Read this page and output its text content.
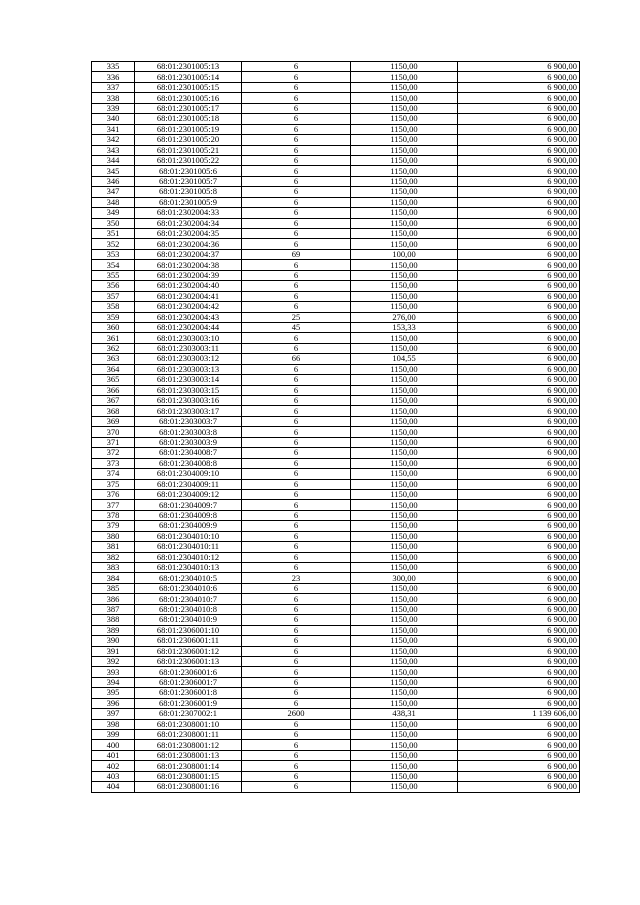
335	68:01:2301005:13	6	1150,00	6 900,00
336	68:01:2301005:14	6	1150,00	6 900,00
337	68:01:2301005:15	6	1150,00	6 900,00
338	68:01:2301005:16	6	1150,00	6 900,00
339	68:01:2301005:17	6	1150,00	6 900,00
340	68:01:2301005:18	6	1150,00	6 900,00
341	68:01:2301005:19	6	1150,00	6 900,00
342	68:01:2301005:20	6	1150,00	6 900,00
343	68:01:2301005:21	6	1150,00	6 900,00
344	68:01:2301005:22	6	1150,00	6 900,00
345	68:01:2301005:6	6	1150,00	6 900,00
346	68:01:2301005:7	6	1150,00	6 900,00
347	68:01:2301005:8	6	1150,00	6 900,00
348	68:01:2301005:9	6	1150,00	6 900,00
349	68:01:2302004:33	6	1150,00	6 900,00
350	68:01:2302004:34	6	1150,00	6 900,00
351	68:01:2302004:35	6	1150,00	6 900,00
352	68:01:2302004:36	6	1150,00	6 900,00
353	68:01:2302004:37	69	100,00	6 900,00
354	68:01:2302004:38	6	1150,00	6 900,00
355	68:01:2302004:39	6	1150,00	6 900,00
356	68:01:2302004:40	6	1150,00	6 900,00
357	68:01:2302004:41	6	1150,00	6 900,00
358	68:01:2302004:42	6	1150,00	6 900,00
359	68:01:2302004:43	25	276,00	6 900,00
360	68:01:2302004:44	45	153,33	6 900,00
361	68:01:2303003:10	6	1150,00	6 900,00
362	68:01:2303003:11	6	1150,00	6 900,00
363	68:01:2303003:12	66	104,55	6 900,00
364	68:01:2303003:13	6	1150,00	6 900,00
365	68:01:2303003:14	6	1150,00	6 900,00
366	68:01:2303003:15	6	1150,00	6 900,00
367	68:01:2303003:16	6	1150,00	6 900,00
368	68:01:2303003:17	6	1150,00	6 900,00
369	68:01:2303003:7	6	1150,00	6 900,00
370	68:01:2303003:8	6	1150,00	6 900,00
371	68:01:2303003:9	6	1150,00	6 900,00
372	68:01:2304008:7	6	1150,00	6 900,00
373	68:01:2304008:8	6	1150,00	6 900,00
374	68:01:2304009:10	6	1150,00	6 900,00
375	68:01:2304009:11	6	1150,00	6 900,00
376	68:01:2304009:12	6	1150,00	6 900,00
377	68:01:2304009:7	6	1150,00	6 900,00
378	68:01:2304009:8	6	1150,00	6 900,00
379	68:01:2304009:9	6	1150,00	6 900,00
380	68:01:2304010:10	6	1150,00	6 900,00
381	68:01:2304010:11	6	1150,00	6 900,00
382	68:01:2304010:12	6	1150,00	6 900,00
383	68:01:2304010:13	6	1150,00	6 900,00
384	68:01:2304010:5	23	300,00	6 900,00
385	68:01:2304010:6	6	1150,00	6 900,00
386	68:01:2304010:7	6	1150,00	6 900,00
387	68:01:2304010:8	6	1150,00	6 900,00
388	68:01:2304010:9	6	1150,00	6 900,00
389	68:01:2306001:10	6	1150,00	6 900,00
390	68:01:2306001:11	6	1150,00	6 900,00
391	68:01:2306001:12	6	1150,00	6 900,00
392	68:01:2306001:13	6	1150,00	6 900,00
393	68:01:2306001:6	6	1150,00	6 900,00
394	68:01:2306001:7	6	1150,00	6 900,00
395	68:01:2306001:8	6	1150,00	6 900,00
396	68:01:2306001:9	6	1150,00	6 900,00
397	68:01:2307002:1	2600	438,31	1 139 606,00
398	68:01:2308001:10	6	1150,00	6 900,00
399	68:01:2308001:11	6	1150,00	6 900,00
400	68:01:2308001:12	6	1150,00	6 900,00
401	68:01:2308001:13	6	1150,00	6 900,00
402	68:01:2308001:14	6	1150,00	6 900,00
403	68:01:2308001:15	6	1150,00	6 900,00
404	68:01:2308001:16	6	1150,00	6 900,00
